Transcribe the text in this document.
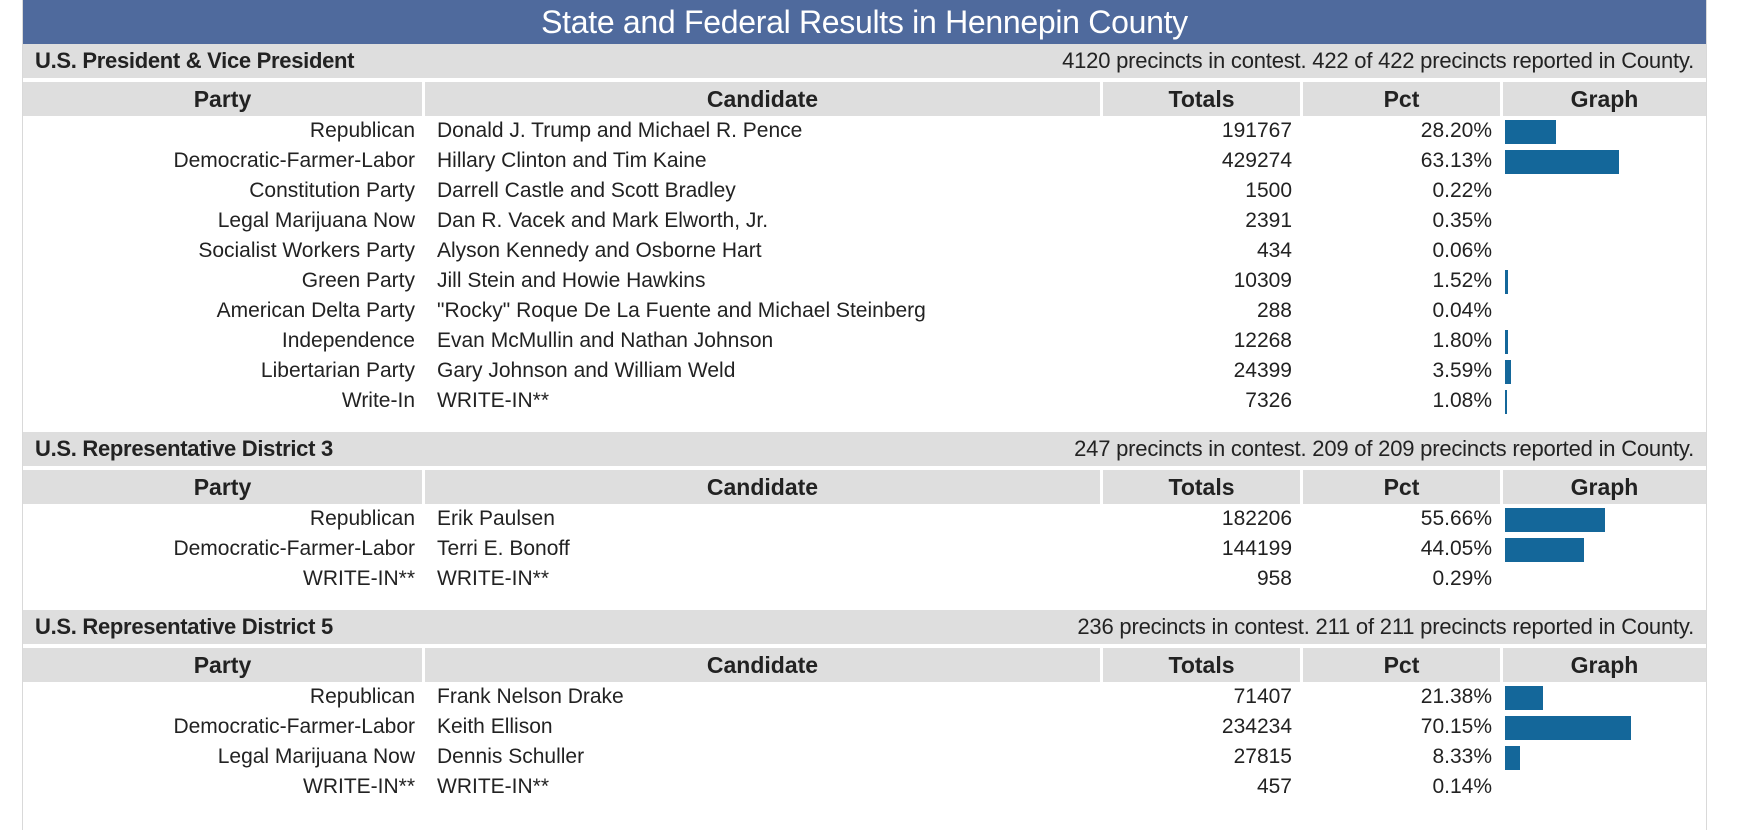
State and Federal Results in Hennepin County
U.S. President & Vice President	4120 precincts in contest. 422 of 422 precincts reported in County.
Party	Candidate	Totals	Pct	Graph
Republican	Donald J. Trump and Michael R. Pence	191767	28.20%	

Democratic-Farmer-Labor	Hillary Clinton and Tim Kaine	429274	63.13%	

Constitution Party	Darrell Castle and Scott Bradley	1500	0.22%	
Legal Marijuana Now	Dan R. Vacek and Mark Elworth, Jr.	2391	0.35%	
Socialist Workers Party	Alyson Kennedy and Osborne Hart	434	0.06%	
Green Party	Jill Stein and Howie Hawkins	10309	1.52%	

American Delta Party	"Rocky" Roque De La Fuente and Michael Steinberg	288	0.04%	
Independence	Evan McMullin and Nathan Johnson	12268	1.80%	

Libertarian Party	Gary Johnson and William Weld	24399	3.59%	

Write-In	WRITE-IN**	7326	1.08%	
U.S. Representative District 3	247 precincts in contest. 209 of 209 precincts reported in County.
Party	Candidate	Totals	Pct	Graph
Republican	Erik Paulsen	182206	55.66%	

Democratic-Farmer-Labor	Terri E. Bonoff	144199	44.05%	

WRITE-IN**	WRITE-IN**	958	0.29%	
U.S. Representative District 5	236 precincts in contest. 211 of 211 precincts reported in County.
Party	Candidate	Totals	Pct	Graph
Republican	Frank Nelson Drake	71407	21.38%	

Democratic-Farmer-Labor	Keith Ellison	234234	70.15%	

Legal Marijuana Now	Dennis Schuller	27815	8.33%	

WRITE-IN**	WRITE-IN**	457	0.14%	
